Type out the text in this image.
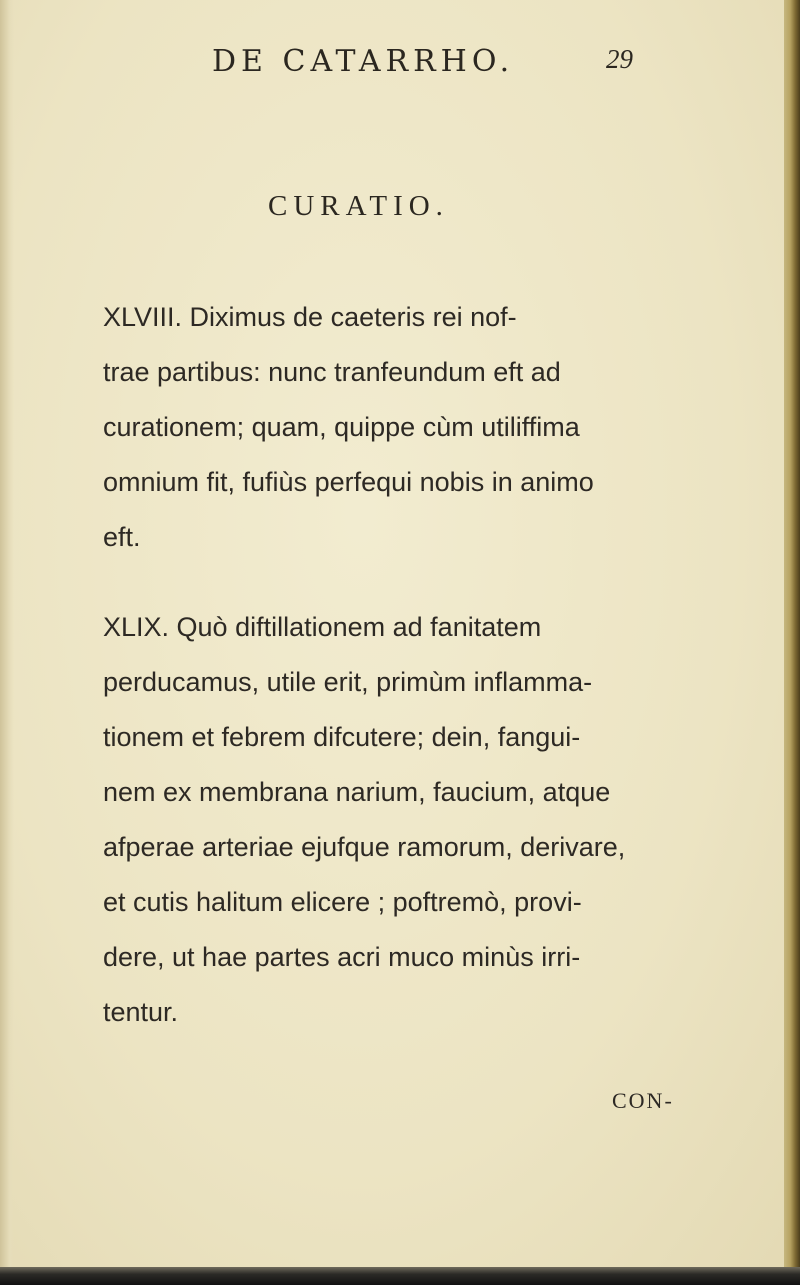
DE CATARRHO.	29
CURATIO.
XLVIII. Diximus de caeteris rei nof-
trae partibus: nunc tranfeundum eft ad
curationem; quam, quippe cùm utiliffima
omnium fit, fufiùs perfequi nobis in animo
eft.
XLIX. Quò diftillationem ad fanitatem
perducamus, utile erit, primùm inflamma-
tionem et febrem difcutere; dein, fangui-
nem ex membrana narium, faucium, atque
afperae arteriae ejufque ramorum, derivare,
et cutis halitum elicere ; poftremò, provi-
dere, ut hae partes acri muco minùs irri-
tentur.
CON-
